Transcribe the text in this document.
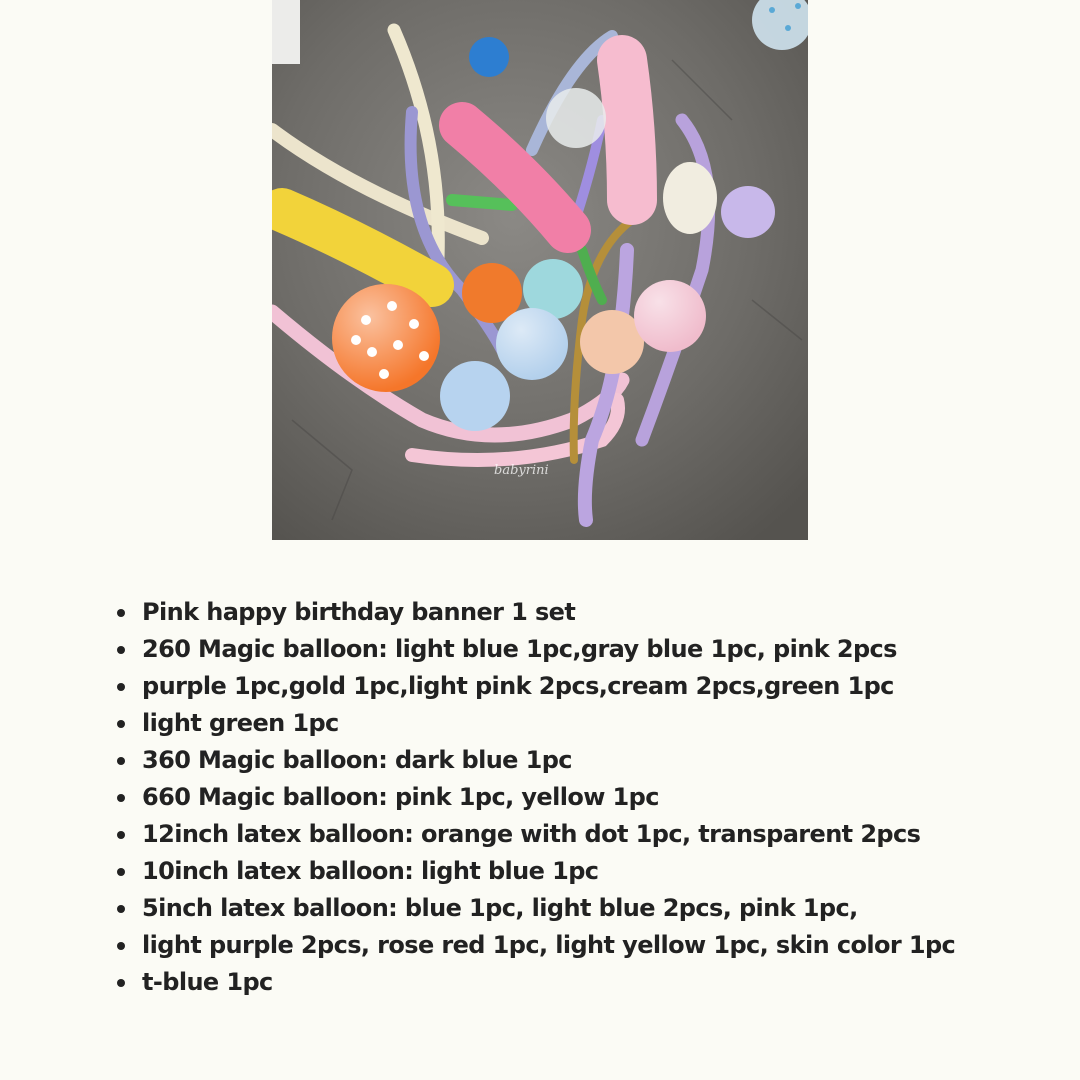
babyrini
Pink happy birthday banner 1 set
260 Magic balloon: light blue 1pc,gray blue 1pc, pink 2pcs
purple 1pc,gold 1pc,light pink 2pcs,cream 2pcs,green 1pc
light green 1pc
360 Magic balloon: dark blue 1pc
660 Magic balloon: pink 1pc, yellow 1pc
12inch latex balloon: orange with dot 1pc, transparent 2pcs
10inch latex balloon: light blue 1pc
5inch latex balloon: blue 1pc, light blue 2pcs, pink 1pc,
light purple 2pcs, rose red 1pc, light yellow 1pc, skin color 1pc
t-blue 1pc
